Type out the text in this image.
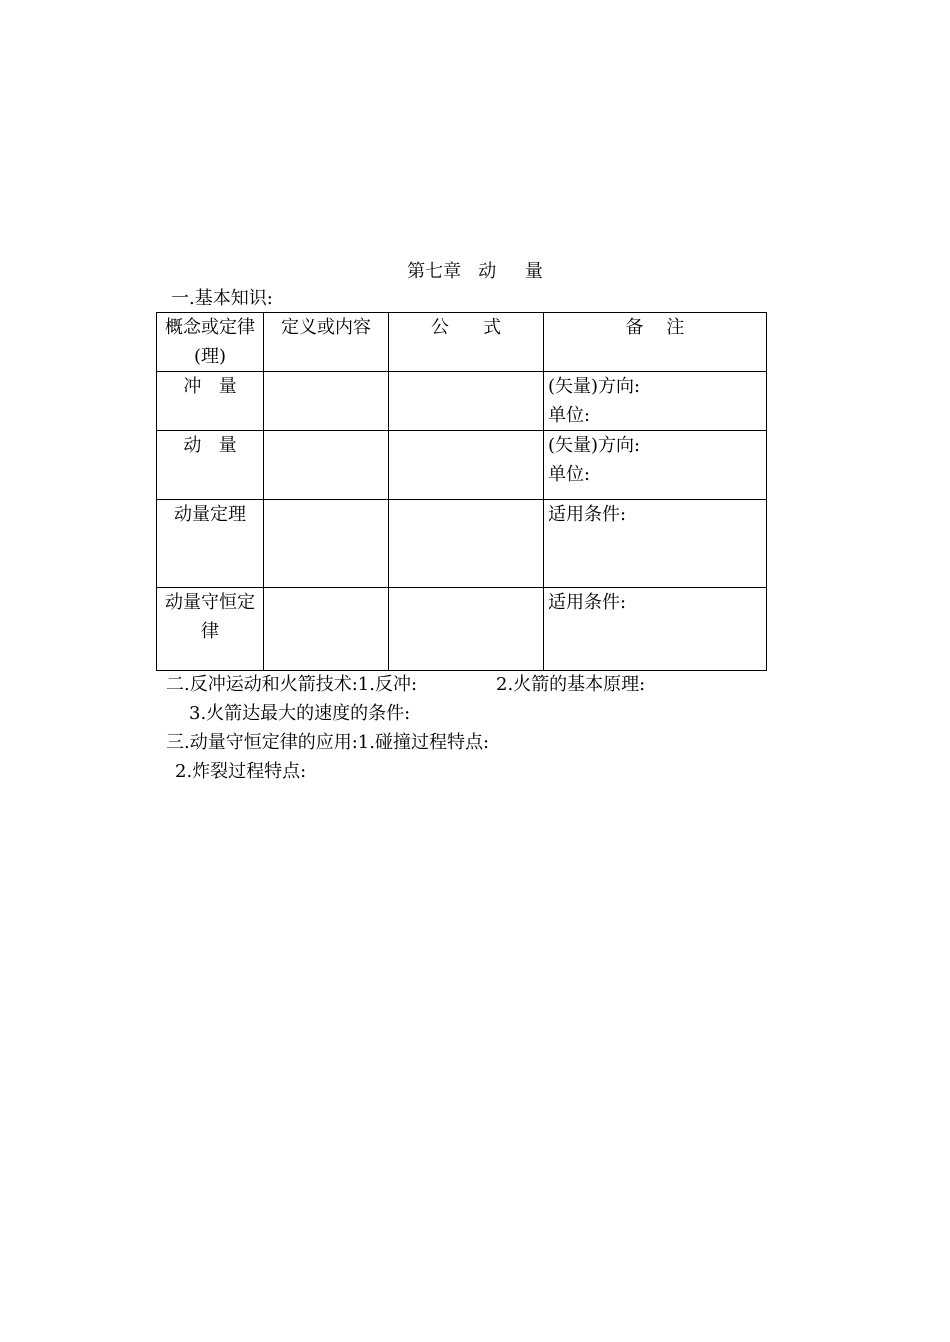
第七章   动     量
一.基本知识:
概念或定律(理)	定义或内容	公      式	备    注
冲   量			(矢量)方向:
单位:

动   量			(矢量)方向:
单位:

动量定理			适用条件:

动量守恒定律			适用条件:
二.反冲运动和火箭技术:1.反冲:	2.火箭的基本原理:
3.火箭达最大的速度的条件:
三.动量守恒定律的应用:1.碰撞过程特点:
2.炸裂过程特点:
